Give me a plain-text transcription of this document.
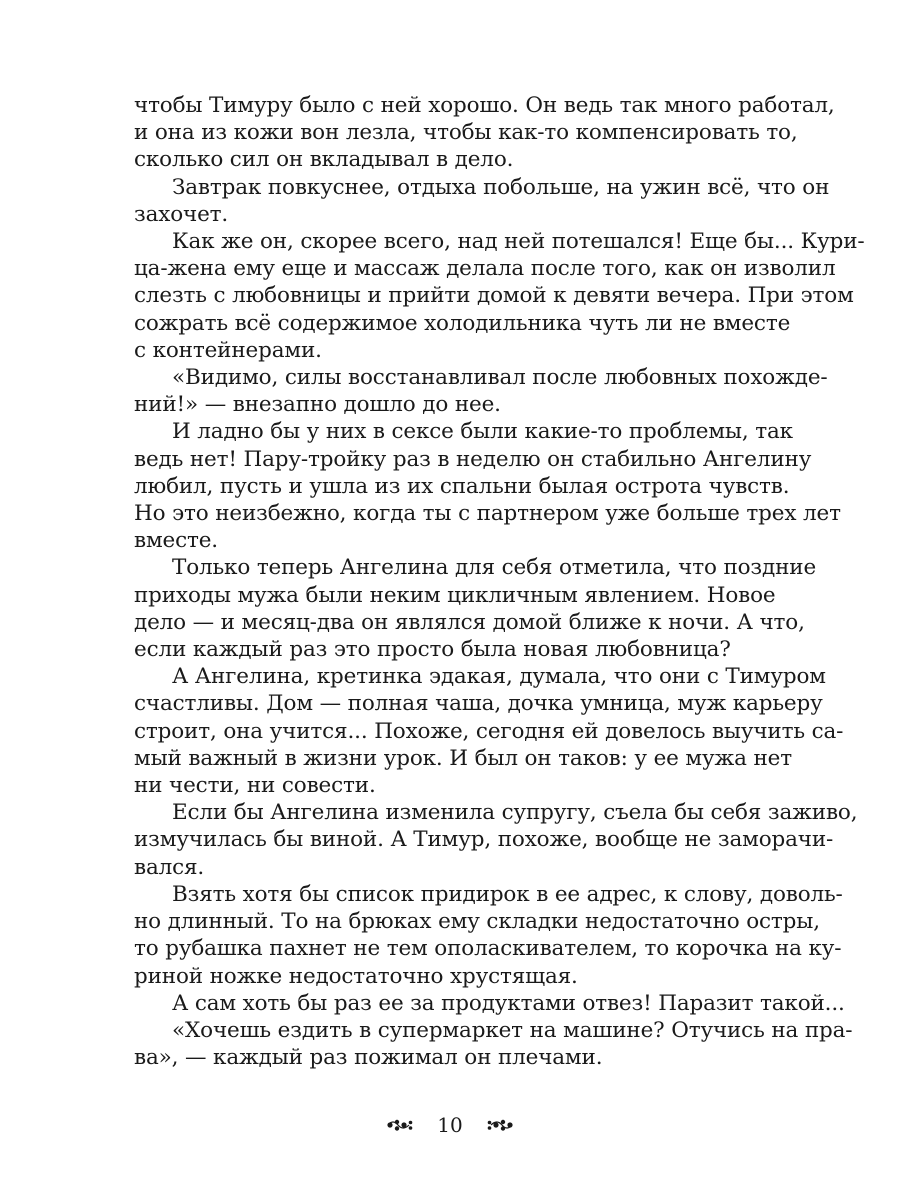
чтобы Тимуру было с ней хорошо. Он ведь так много работал,
и она из кожи вон лезла, чтобы как-то компенсировать то,
сколько сил он вкладывал в дело.
Завтрак повкуснее, отдыха побольше, на ужин всё, что он
захочет.
Как же он, скорее всего, над ней потешался! Еще бы... Кури-
ца-жена ему еще и массаж делала после того, как он изволил
слезть с любовницы и прийти домой к девяти вечера. При этом
сожрать всё содержимое холодильника чуть ли не вместе
с контейнерами.
«Видимо, силы восстанавливал после любовных похожде-
ний!» — внезапно дошло до нее.
И ладно бы у них в сексе были какие-то проблемы, так
ведь нет! Пару-тройку раз в неделю он стабильно Ангелину
любил, пусть и ушла из их спальни былая острота чувств.
Но это неизбежно, когда ты с партнером уже больше трех лет
вместе.
Только теперь Ангелина для себя отметила, что поздние
приходы мужа были неким цикличным явлением. Новое
дело — и месяц-два он являлся домой ближе к ночи. А что,
если каждый раз это просто была новая любовница?
А Ангелина, кретинка эдакая, думала, что они с Тимуром
счастливы. Дом — полная чаша, дочка умница, муж карьеру
строит, она учится... Похоже, сегодня ей довелось выучить са-
мый важный в жизни урок. И был он таков: у ее мужа нет
ни чести, ни совести.
Если бы Ангелина изменила супругу, съела бы себя заживо,
измучилась бы виной. А Тимур, похоже, вообще не заморачи-
вался.
Взять хотя бы список придирок в ее адрес, к слову, доволь-
но длинный. То на брюках ему складки недостаточно остры,
то рубашка пахнет не тем ополаскивателем, то корочка на ку-
риной ножке недостаточно хрустящая.
А сам хоть бы раз ее за продуктами отвез! Паразит такой...
«Хочешь ездить в супермаркет на машине? Отучись на пра-
ва», — каждый раз пожимал он плечами.
10
